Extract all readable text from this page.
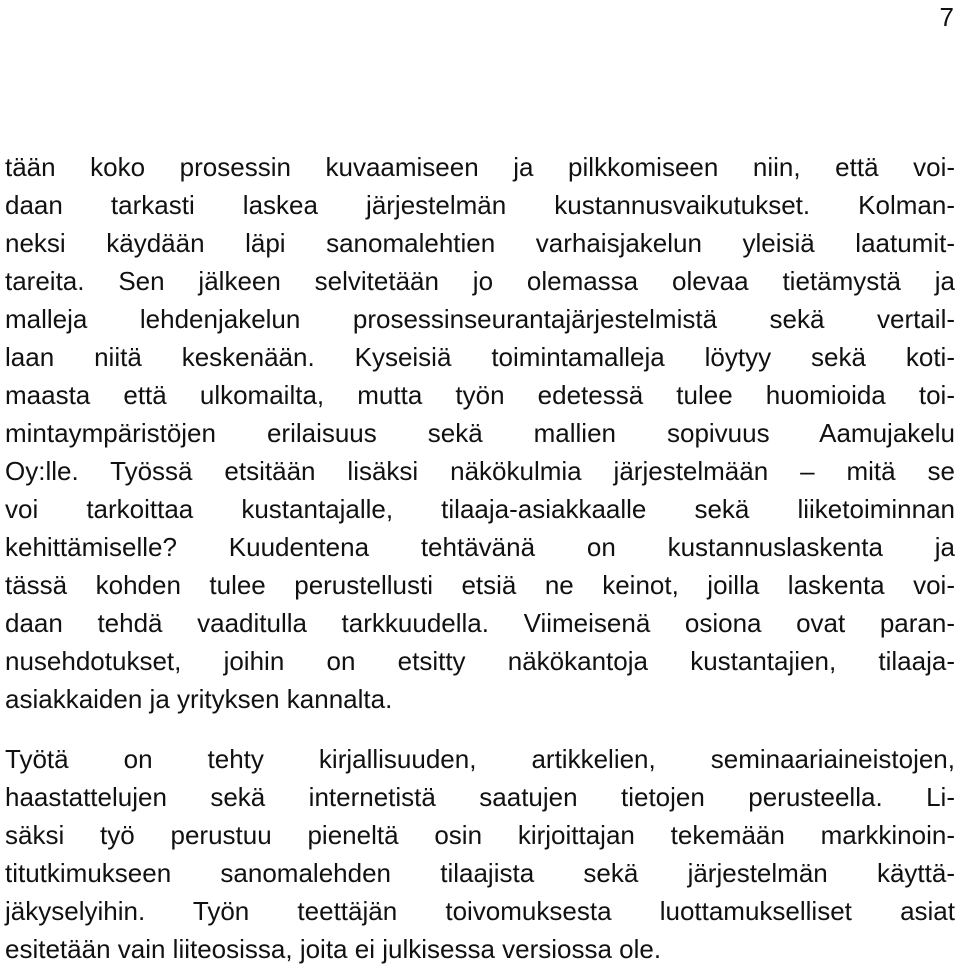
7
tään koko prosessin kuvaamiseen ja pilkkomiseen niin, että voi-
daan tarkasti laskea järjestelmän kustannusvaikutukset. Kolman-
neksi käydään läpi sanomalehtien varhaisjakelun yleisiä laatumit-
tareita. Sen jälkeen selvitetään jo olemassa olevaa tietämystä ja
malleja lehdenjakelun prosessinseurantajärjestelmistä sekä vertail-
laan niitä keskenään. Kyseisiä toimintamalleja löytyy sekä koti-
maasta että ulkomailta, mutta työn edetessä tulee huomioida toi-
mintaympäristöjen erilaisuus sekä mallien sopivuus Aamujakelu
Oy:lle. Työssä etsitään lisäksi näkökulmia järjestelmään – mitä se
voi tarkoittaa kustantajalle, tilaaja-asiakkaalle sekä liiketoiminnan
kehittämiselle? Kuudentena tehtävänä on kustannuslaskenta ja
tässä kohden tulee perustellusti etsiä ne keinot, joilla laskenta voi-
daan tehdä vaaditulla tarkkuudella. Viimeisenä osiona ovat paran-
nusehdotukset, joihin on etsitty näkökantoja kustantajien, tilaaja-
asiakkaiden ja yrityksen kannalta.
Työtä on tehty kirjallisuuden, artikkelien, seminaariaineistojen,
haastattelujen sekä internetistä saatujen tietojen perusteella. Li-
säksi työ perustuu pieneltä osin kirjoittajan tekemään markkinoin-
titutkimukseen sanomalehden tilaajista sekä järjestelmän käyttä-
jäkyselyihin. Työn teettäjän toivomuksesta luottamukselliset asiat
esitetään vain liiteosissa, joita ei julkisessa versiossa ole.
